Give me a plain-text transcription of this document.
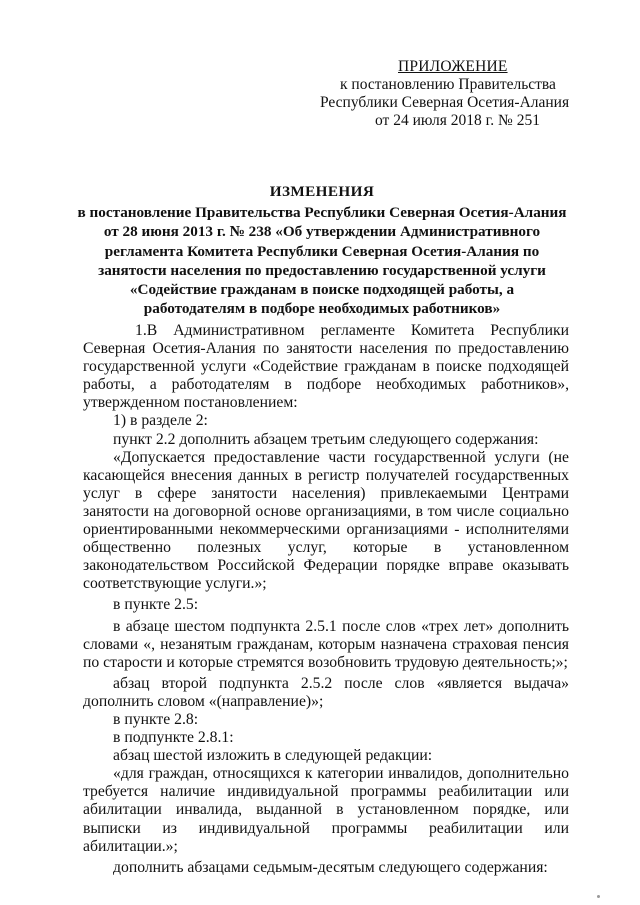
ПРИЛОЖЕНИЕ
к постановлению Правительства
Республики Северная Осетия-Алания
от 24 июля 2018 г. № 251
ИЗМЕНЕНИЯ
в постановление Правительства Республики Северная Осетия-Алания
от 28 июня 2013 г. № 238 «Об утверждении Административного
регламента Комитета Республики Северная Осетия-Алания по
занятости населения по предоставлению государственной услуги
«Содействие гражданам в поиске подходящей работы, а
работодателям в подборе необходимых работников»

1.В Административном регламенте Комитета Республики Северная Осетия-Алания по занятости населения по предоставлению государственной услуги «Содействие гражданам в поиске подходящей работы, а работодателям в подборе необходимых работников», утвержденном постановлением:

1) в разделе 2:

пункт 2.2 дополнить абзацем третьим следующего содержания:

«Допускается предоставление части государственной услуги (не касающейся внесения данных в регистр получателей государственных услуг в сфере занятости населения) привлекаемыми Центрами занятости на договорной основе организациями, в том числе социально ориентированными некоммерческими организациями - исполнителями общественно полезных услуг, которые в установленном законодательством Российской Федерации порядке вправе оказывать соответствующие услуги.»;

в пункте 2.5:

в абзаце шестом подпункта 2.5.1 после слов «трех лет» дополнить словами «, незанятым гражданам, которым назначена страховая пенсия по старости и которые стремятся возобновить трудовую деятельность;»;

абзац второй подпункта 2.5.2 после слов «является выдача» дополнить словом «(направление)»;

в пункте 2.8:

в подпункте 2.8.1:

абзац шестой изложить в следующей редакции:

«для граждан, относящихся к категории инвалидов, дополнительно требуется наличие индивидуальной программы реабилитации или абилитации инвалида, выданной в установленном порядке, или выписки из индивидуальной программы реабилитации или абилитации.»;

дополнить абзацами седьмым-десятым следующего содержания:
